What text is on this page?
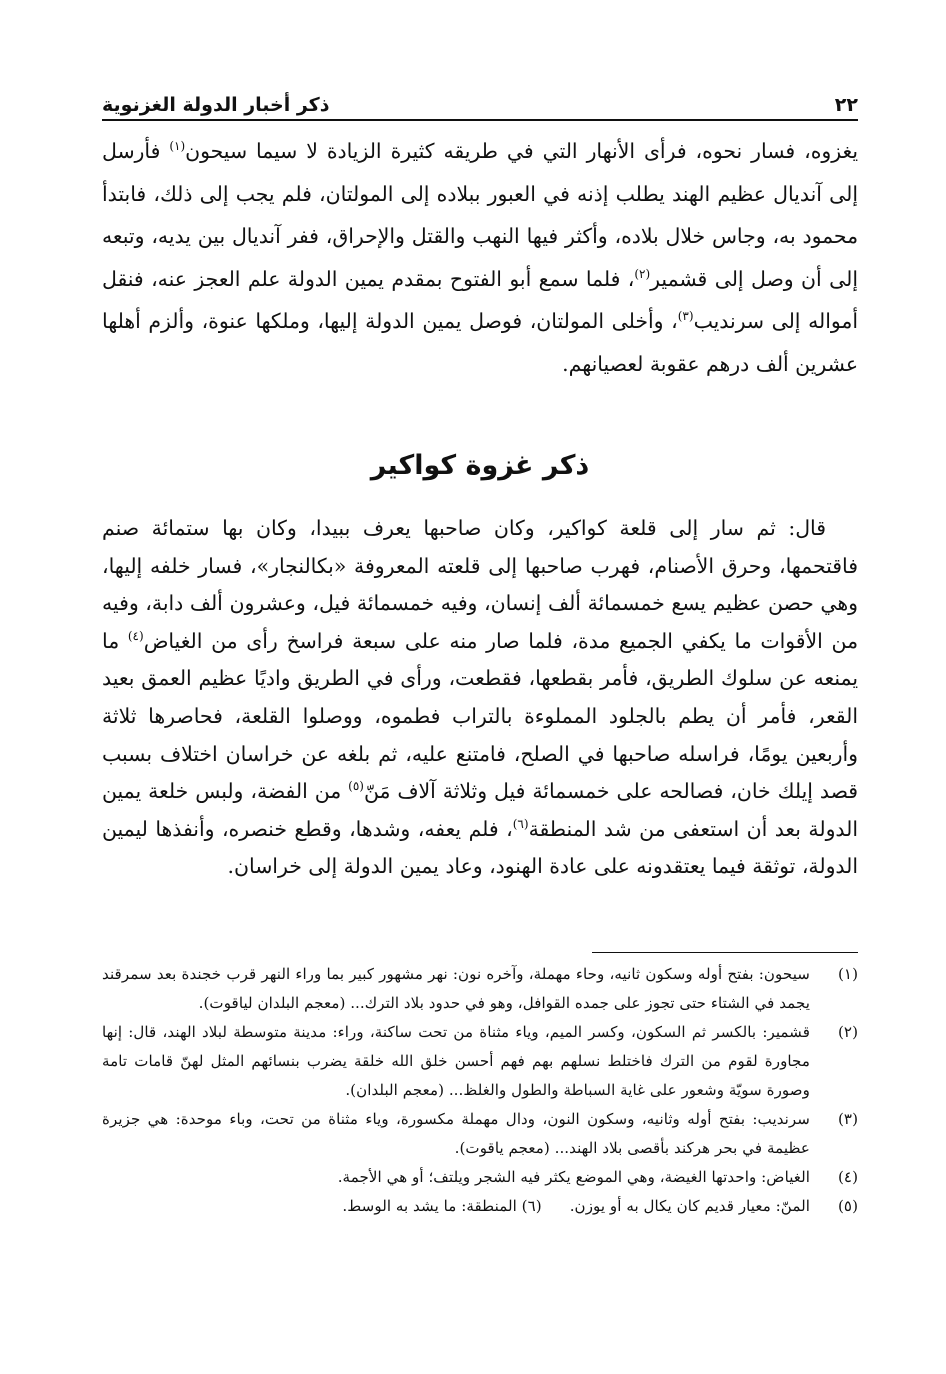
٢٢
ذكر أخبار الدولة الغزنوية

يغزوه، فسار نحوه، فرأى الأنهار التي في طريقه كثيرة الزيادة لا سيما سيحون$^{(١)}$ فأرسل إلى آنديال عظيم الهند يطلب إذنه في العبور ببلاده إلى المولتان، فلم يجب إلى ذلك، فابتدأ محمود به، وجاس خلال بلاده، وأكثر فيها النهب والقتل والإحراق، ففر آنديال بين يديه، وتبعه إلى أن وصل إلى قشمير$^{(٢)}$، فلما سمع أبو الفتوح بمقدم يمين الدولة علم العجز عنه، فنقل أمواله إلى سرنديب$^{(٣)}$، وأخلى المولتان، فوصل يمين الدولة إليها، وملكها عنوة، وألزم أهلها عشرين ألف درهم عقوبة لعصيانهم.

ذكر غزوة كواكير

قال: ثم سار إلى قلعة كواكير، وكان صاحبها يعرف ببيدا، وكان بها ستمائة صنم فاقتحمها، وحرق الأصنام، فهرب صاحبها إلى قلعته المعروفة «بكالنجار»، فسار خلفه إليها، وهي حصن عظيم يسع خمسمائة ألف إنسان، وفيه خمسمائة فيل، وعشرون ألف دابة، وفيه من الأقوات ما يكفي الجميع مدة، فلما صار منه على سبعة فراسخ رأى من الغياض$^{(٤)}$ ما يمنعه عن سلوك الطريق، فأمر بقطعها، فقطعت، ورأى في الطريق واديًا عظيم العمق بعيد القعر، فأمر أن يطم بالجلود المملوءة بالتراب فطموه، ووصلوا القلعة، فحاصرها ثلاثة وأربعين يومًا، فراسله صاحبها في الصلح، فامتنع عليه، ثم بلغه عن خراسان اختلاف بسبب قصد إيلك خان، فصالحه على خمسمائة فيل وثلاثة آلاف مَنّ$^{(٥)}$ من الفضة، ولبس خلعة يمين الدولة بعد أن استعفى من شد المنطقة$^{(٦)}$، فلم يعفه، وشدها، وقطع خنصره، وأنفذها ليمين الدولة، توثقة فيما يعتقدونه على عادة الهنود، وعاد يمين الدولة إلى خراسان.

(١)
سيحون: بفتح أوله وسكون ثانيه، وحاء مهملة، وآخره نون: نهر مشهور كبير بما وراء النهر قرب خجندة بعد سمرقند يجمد في الشتاء حتى تجوز على جمده القوافل، وهو في حدود بلاد الترك... (معجم البلدان لياقوت).
(٢)
قشمير: بالكسر ثم السكون، وكسر الميم، وياء مثناة من تحت ساكنة، وراء: مدينة متوسطة لبلاد الهند، قال: إنها مجاورة لقوم من الترك فاختلط نسلهم بهم فهم أحسن خلق الله خلقة يضرب بنسائهم المثل لهنّ قامات تامة وصورة سويّة وشعور على غاية السباطة والطول والغلظ... (معجم البلدان).
(٣)
سرنديب: بفتح أوله وثانيه، وسكون النون، ودال مهملة مكسورة، وياء مثناة من تحت، وباء موحدة: هي جزيرة عظيمة في بحر هركند بأقصى بلاد الهند... (معجم ياقوت).
(٤)
الغياض: واحدتها الغيضة، وهي الموضع يكثر فيه الشجر ويلتف؛ أو هي الأجمة.
(٥)
المنّ: معيار قديم كان يكال به أو يوزن.(٦) المنطقة: ما يشد به الوسط.
